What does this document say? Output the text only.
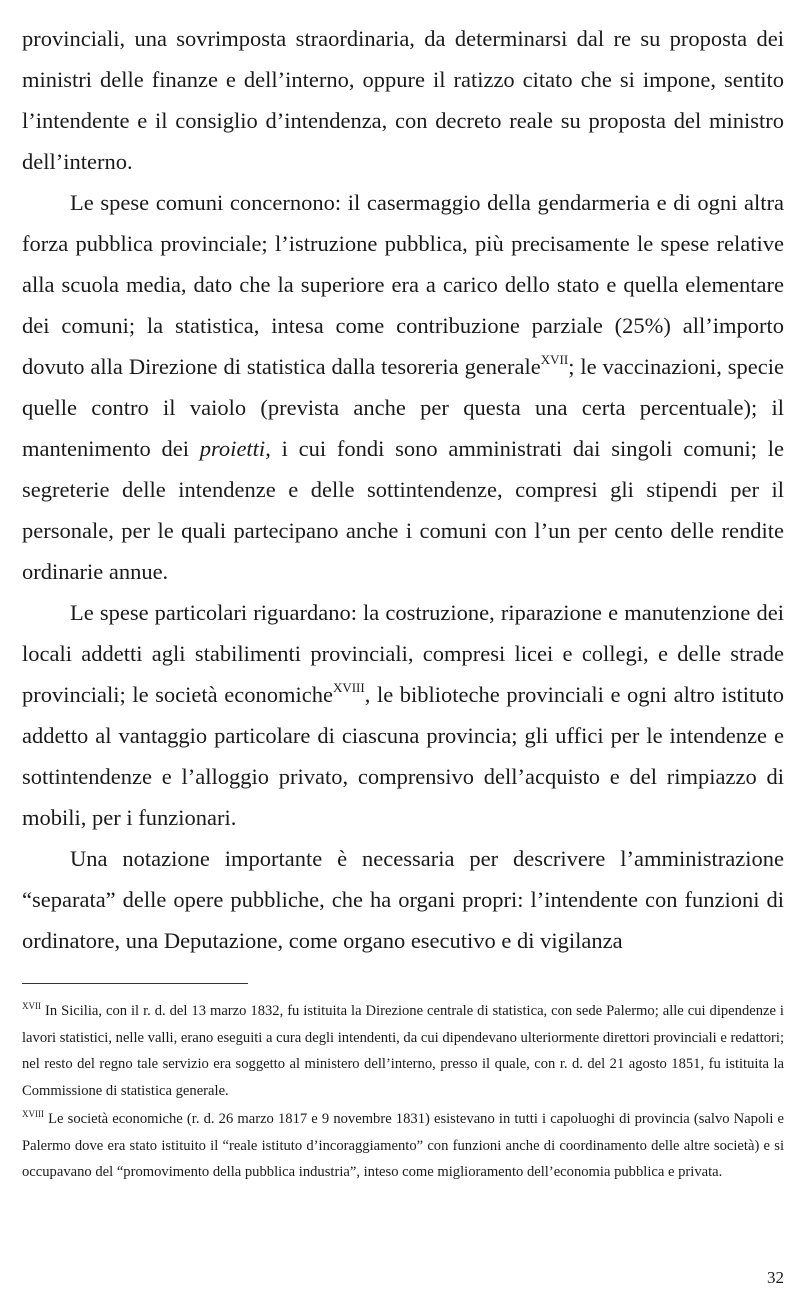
provinciali, una sovrimposta straordinaria, da determinarsi dal re su proposta dei ministri delle finanze e dell’interno, oppure il ratizzo citato che si impone, sentito l’intendente e il consiglio d’intendenza, con decreto reale su proposta del ministro dell’interno.

Le spese comuni concernono: il casermaggio della gendarmeria e di ogni altra forza pubblica provinciale; l’istruzione pubblica, più precisamente le spese relative alla scuola media, dato che la superiore era a carico dello stato e quella elementare dei comuni; la statistica, intesa come contribuzione parziale (25%) all’importo dovuto alla Direzione di statistica dalla tesoreria generale$^{XVII}$; le vaccinazioni, specie quelle contro il vaiolo (prevista anche per questa una certa percentuale); il mantenimento dei proietti, i cui fondi sono amministrati dai singoli comuni; le segreterie delle intendenze e delle sottintendenze, compresi gli stipendi per il personale, per le quali partecipano anche i comuni con l’un per cento delle rendite ordinarie annue.

Le spese particolari riguardano: la costruzione, riparazione e manutenzione dei locali addetti agli stabilimenti provinciali, compresi licei e collegi, e delle strade provinciali; le società economiche$^{XVIII}$, le biblioteche provinciali e ogni altro istituto addetto al vantaggio particolare di ciascuna provincia; gli uffici per le intendenze e sottintendenze e l’alloggio privato, comprensivo dell’acquisto e del rimpiazzo di mobili, per i funzionari.

Una notazione importante è necessaria per descrivere l’amministrazione “separata” delle opere pubbliche, che ha organi propri: l’intendente con funzioni di ordinatore, una Deputazione, come organo esecutivo e di vigilanza

$^{XVII}$ In Sicilia, con il r. d. del 13 marzo 1832, fu istituita la Direzione centrale di statistica, con sede Palermo; alle cui dipendenze i lavori statistici, nelle valli, erano eseguiti a cura degli intendenti, da cui dipendevano ulteriormente direttori provinciali e redattori; nel resto del regno tale servizio era soggetto al ministero dell’interno, presso il quale, con r. d. del 21 agosto 1851, fu istituita la Commissione di statistica generale.

$^{XVIII}$ Le società economiche (r. d. 26 marzo 1817 e 9 novembre 1831) esistevano in tutti i capoluoghi di provincia (salvo Napoli e Palermo dove era stato istituito il “reale istituto d’incoraggiamento” con funzioni anche di coordinamento delle altre società) e si occupavano del “promovimento della pubblica industria”, inteso come miglioramento dell’economia pubblica e privata.

32
